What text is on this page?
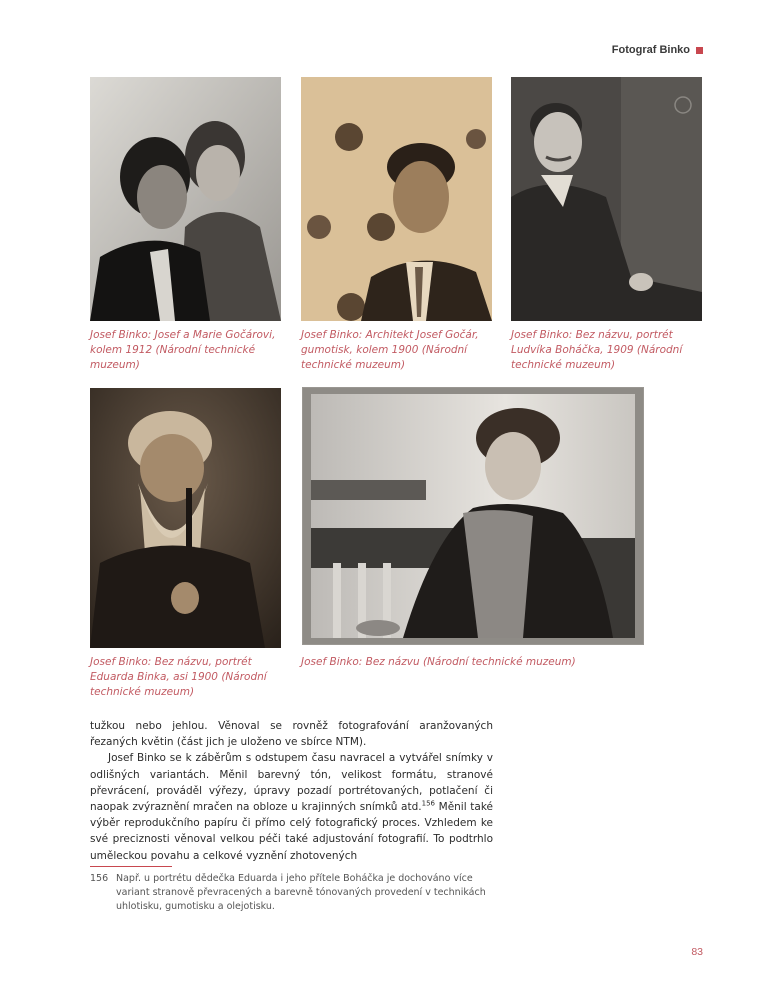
Fotograf Binko
Josef Binko: Josef a Marie Gočárovi, kolem 1912 (Národní technické muzeum)
Josef Binko: Architekt Josef Gočár, gumotisk, kolem 1900 (Národní technické muzeum)
Josef Binko: Bez názvu, portrét Ludvíka Boháčka, 1909 (Národní technické muzeum)
Josef Binko: Bez názvu, portrét Eduarda Binka, asi 1900 (Národní technické muzeum)
Josef Binko: Bez názvu (Národní technické muzeum)

tužkou nebo jehlou. Věnoval se rovněž fotografování aranžovaných řezaných květin (část jich je uloženo ve sbírce NTM).

Josef Binko se k záběrům s odstupem času navracel a vytvářel snímky v odlišných variantách. Měnil barevný tón, velikost formátu, stranové převrácení, prováděl výřezy, úpravy pozadí portrétovaných, potlačení či naopak zvýraznění mračen na obloze u krajinných snímků atd.$^{156}$ Měnil také výběr reprodukčního papíru či přímo celý fotografický proces. Vzhledem ke své preciznosti věnoval velkou péči také adjustování fotografií. To podtrhlo uměleckou povahu a celkové vyznění zhotovených

156 Např. u portrétu dědečka Eduarda i jeho přítele Boháčka je dochováno více variant stranově převracených a barevně tónovaných provedení v technikách uhlotisku, gumotisku a olejotisku.
83
